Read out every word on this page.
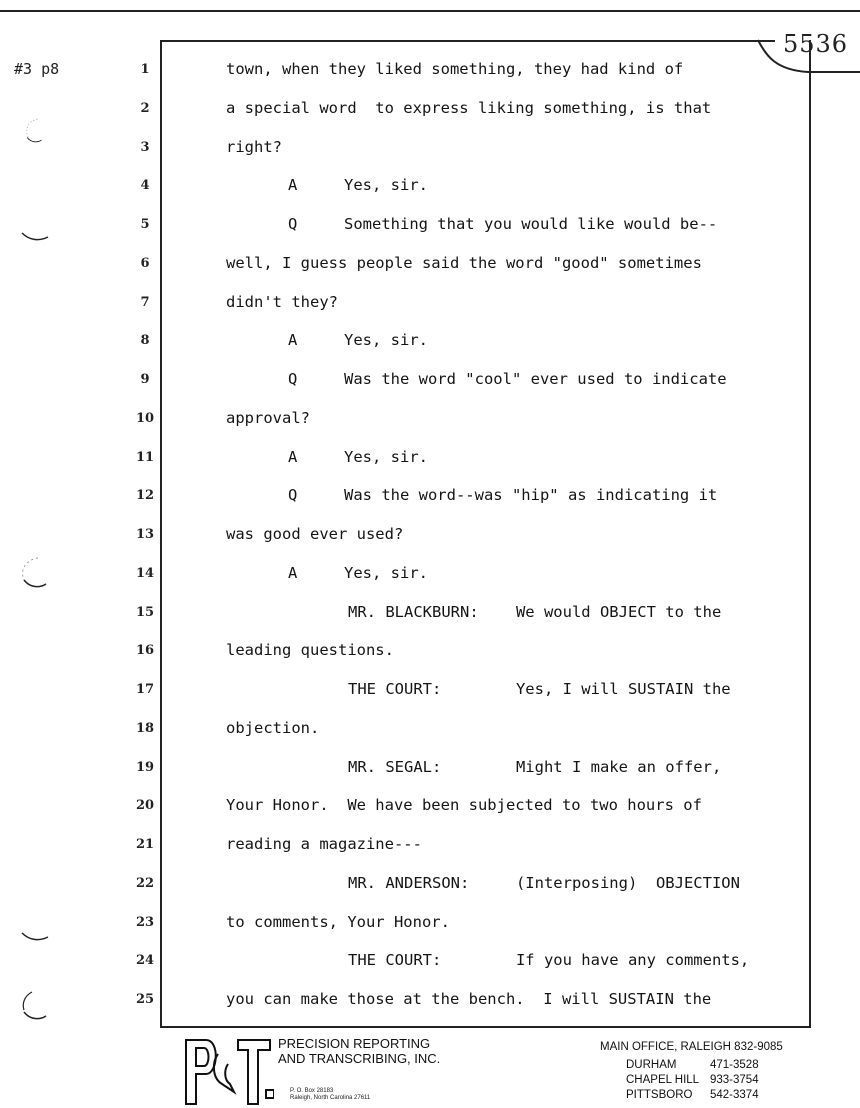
5536
#3 p8	1	town, when they liked something, they had kind of
2	a special word  to express liking something, is that
3	right?
4	A     Yes, sir.
5	Q     Something that you would like would be--
6	well, I guess people said the word "good" sometimes
7	didn't they?
8	A     Yes, sir.
9	Q     Was the word "cool" ever used to indicate
10	approval?
11	A     Yes, sir.
12	Q     Was the word--was "hip" as indicating it
13	was good ever used?
14	A     Yes, sir.
15	MR. BLACKBURN:    We would OBJECT to the
16	leading questions.
17	THE COURT:        Yes, I will SUSTAIN the
18	objection.
19	MR. SEGAL:        Might I make an offer,
20	Your Honor.  We have been subjected to two hours of
21	reading a magazine---
22	MR. ANDERSON:     (Interposing)  OBJECTION
23	to comments, Your Honor.
24	THE COURT:        If you have any comments,
25	you can make those at the bench.  I will SUSTAIN the
PRECISION REPORTING
AND TRANSCRIBING, INC.
P. O. Box 28183
Raleigh, North Carolina 27611
MAIN OFFICE, RALEIGH 832-9085
DURHAM	471-3528
CHAPEL HILL 933-3754
PITTSBORO 542-3374
